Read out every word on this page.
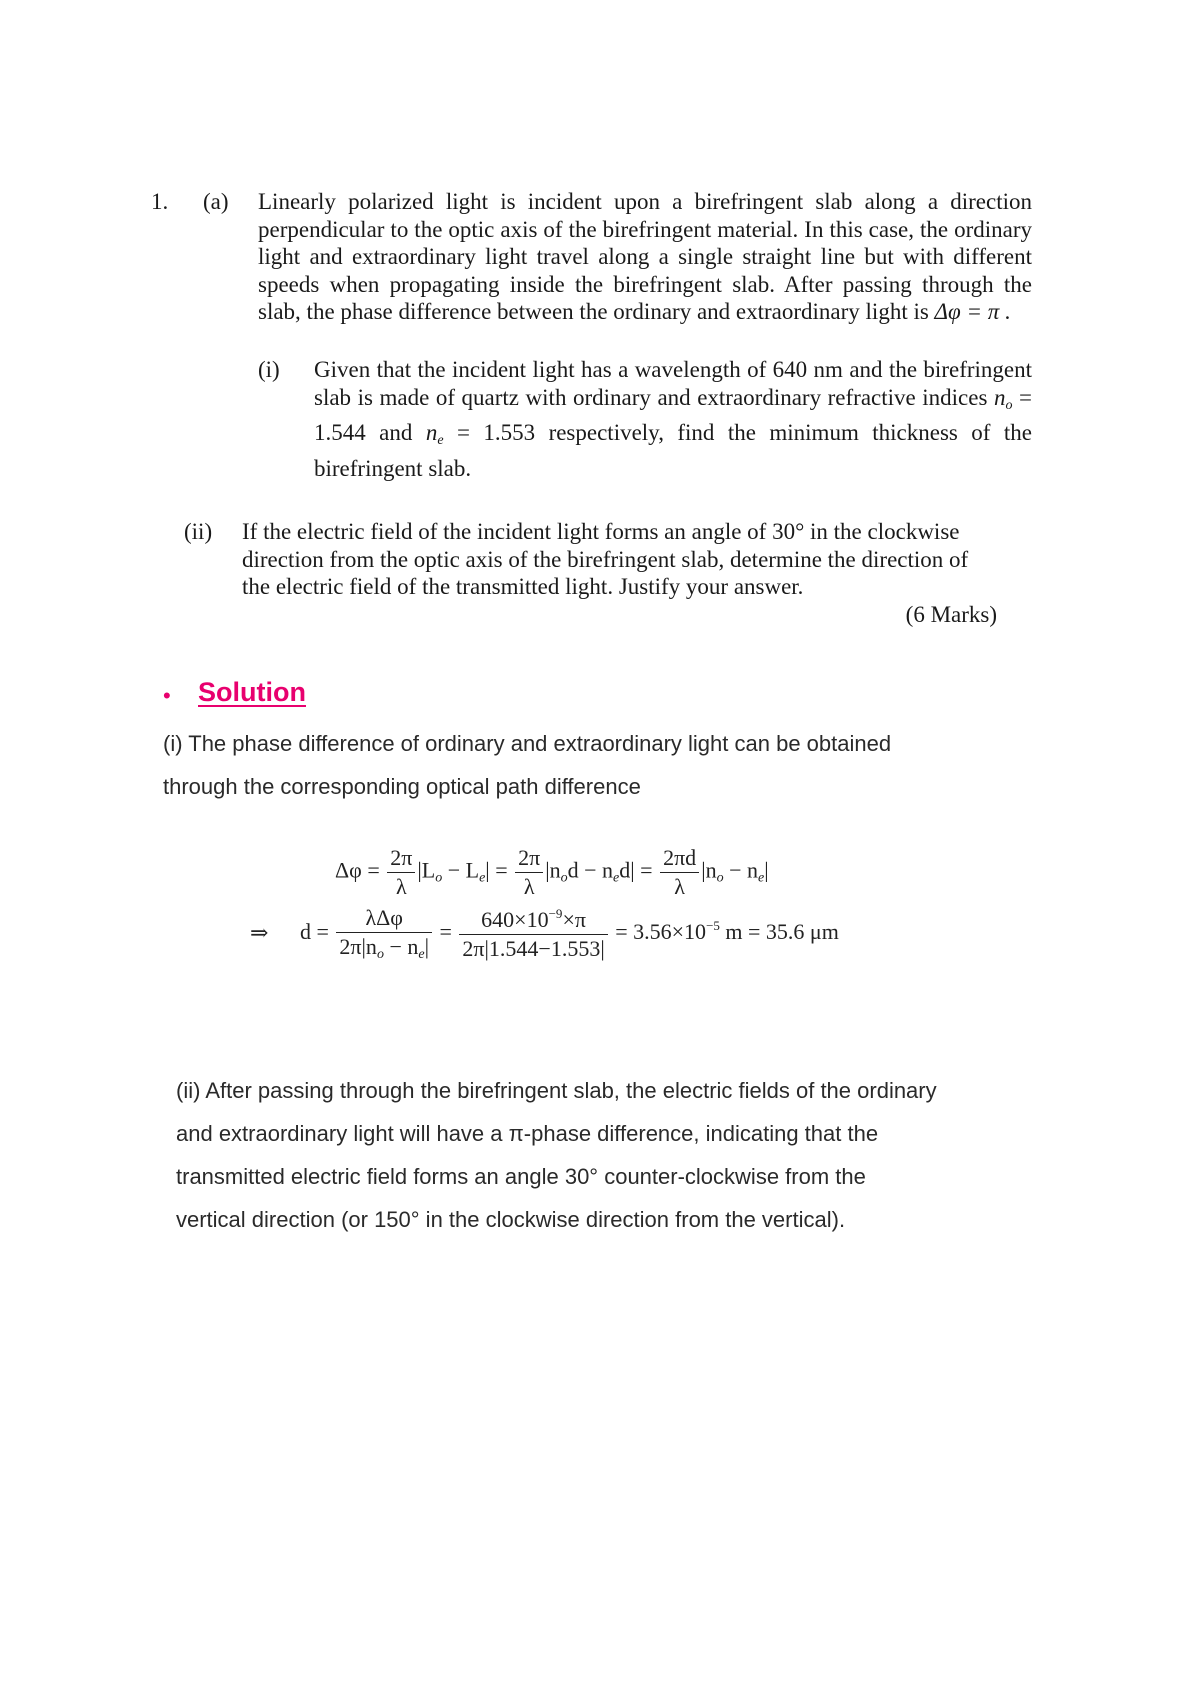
1. (a) Linearly polarized light is incident upon a birefringent slab along a direction perpendicular to the optic axis of the birefringent material. In this case, the ordinary light and extraordinary light travel along a single straight line but with different speeds when propagating inside the birefringent slab. After passing through the slab, the phase difference between the ordinary and extraordinary light is Δφ = π .
(i) Given that the incident light has a wavelength of 640 nm and the birefringent slab is made of quartz with ordinary and extraordinary refractive indices $n_o = 1.544$ and $n_e = 1.553$ respectively, find the minimum thickness of the birefringent slab.
(ii) If the electric field of the incident light forms an angle of 30° in the clockwise direction from the optic axis of the birefringent slab, determine the direction of the electric field of the transmitted light. Justify your answer.
(6 Marks)
• Solution
(i) The phase difference of ordinary and extraordinary light can be obtained
through the corresponding optical path difference
$\Delta\varphi = \frac{2\pi}{\lambda} |L_o - L_e| = \frac{2\pi}{\lambda} |n_od - n_ed| = \frac{2\pi d}{\lambda} |n_o - n_e|$
⇒ $d = \frac{\text{λΔφ}}{2\pi|n_o - n_e|} = \frac{640\times 10^{-9}\times\pi}{2\pi|1.544-1.553|} = 3.56\times 10^{-5}$ m = 35.6 μm
(ii) After passing through the birefringent slab, the electric fields of the ordinary
and extraordinary light will have a π-phase difference, indicating that the
transmitted electric field forms an angle 30° counter-clockwise from the
vertical direction (or 150° in the clockwise direction from the vertical).
